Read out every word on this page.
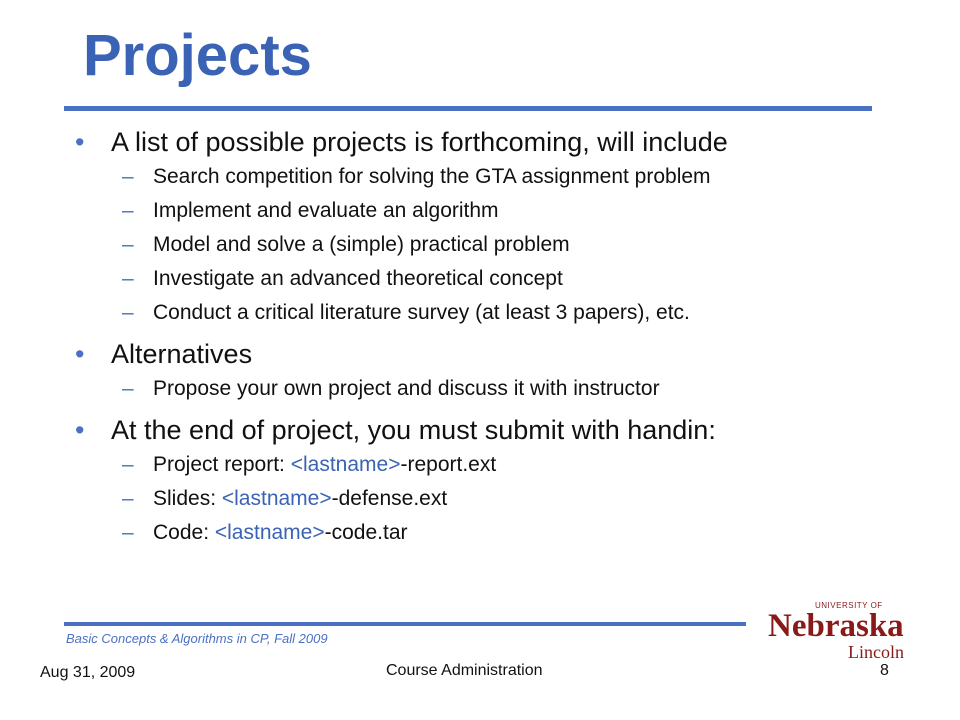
Projects
• A list of possible projects is forthcoming, will include
– Search competition for solving the GTA assignment problem
– Implement and evaluate an algorithm
– Model and solve a (simple) practical problem
– Investigate an advanced theoretical concept
– Conduct a critical literature survey (at least 3 papers), etc.
• Alternatives
– Propose your own project and discuss it with instructor
• At the end of project, you must submit with handin:
– Project report: <lastname>-report.ext
– Slides: <lastname>-defense.ext
– Code: <lastname>-code.tar
Basic Concepts & Algorithms in CP, Fall 2009
Aug 31, 2009	Course Administration	8
UNIVERSITY OF
Nebraska
Lincoln
